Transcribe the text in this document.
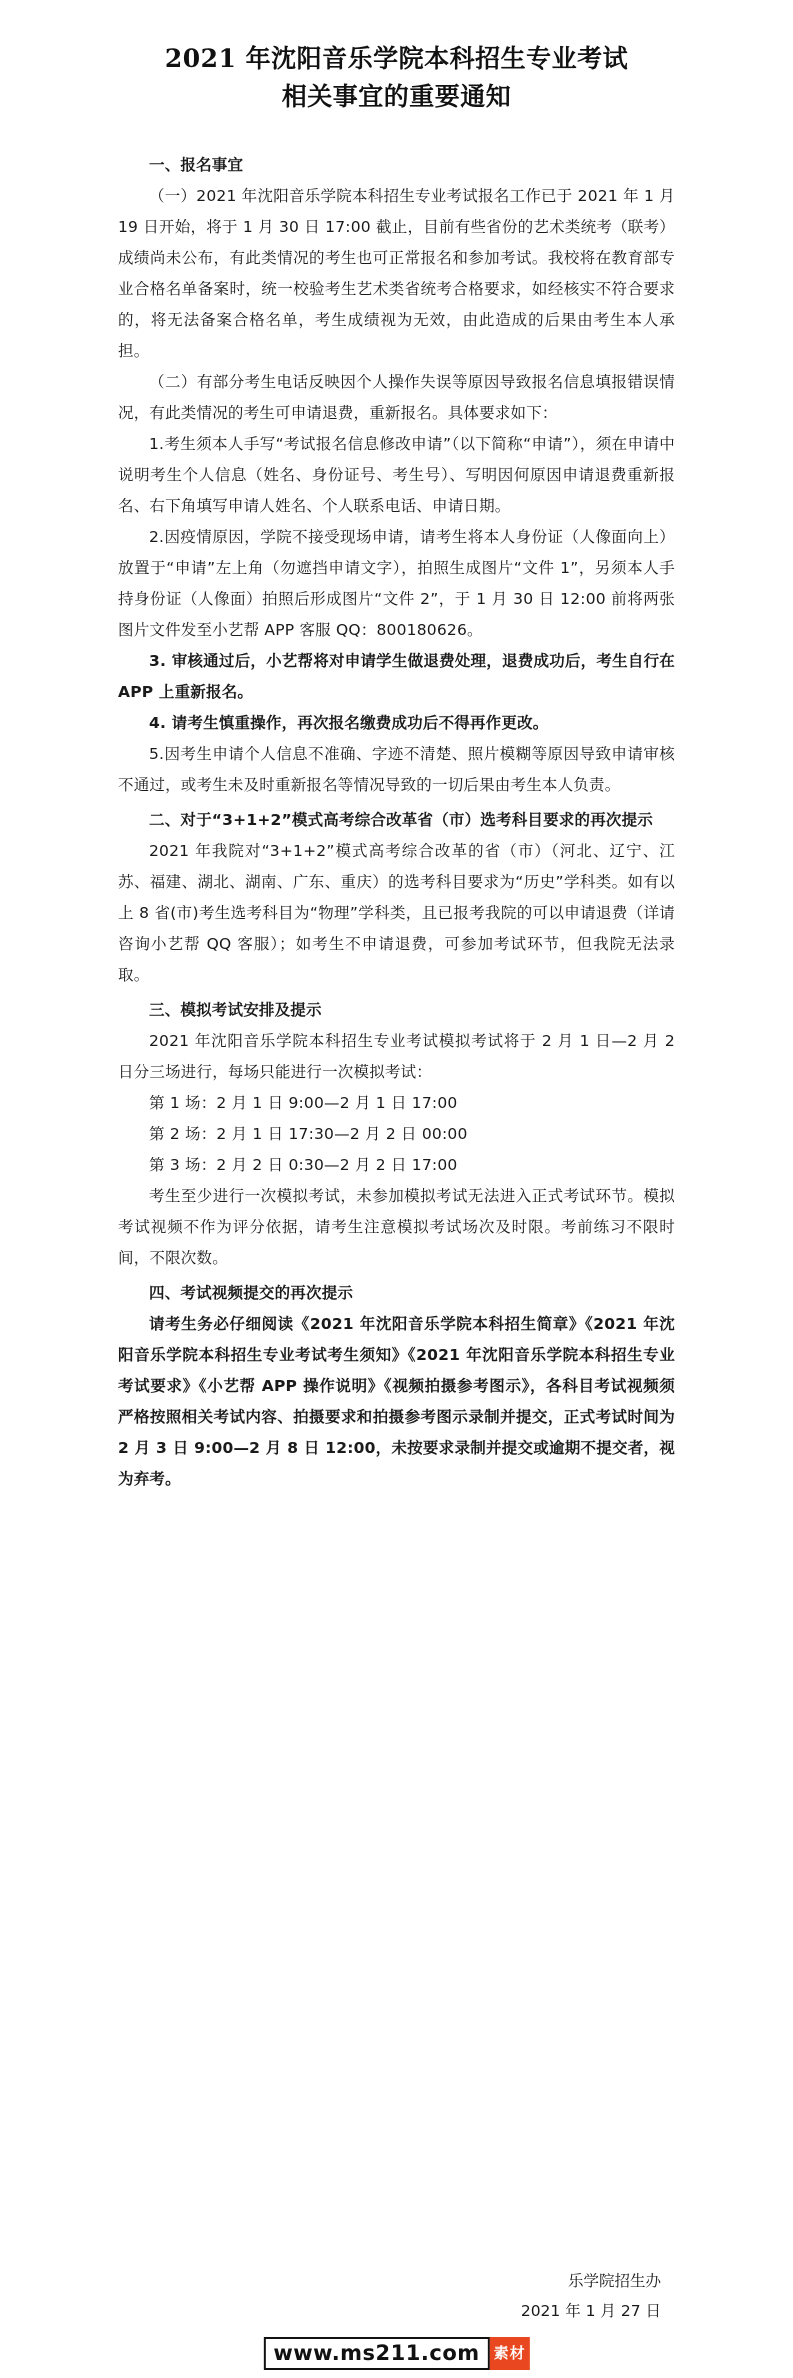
2021 年沈阳音乐学院本科招生专业考试
相关事宜的重要通知

一、报名事宜

（一）2021 年沈阳音乐学院本科招生专业考试报名工作已于 2021 年 1 月 19 日开始，将于 1 月 30 日 17:00 截止，目前有些省份的艺术类统考（联考）成绩尚未公布，有此类情况的考生也可正常报名和参加考试。我校将在教育部专业合格名单备案时，统一校验考生艺术类省统考合格要求，如经核实不符合要求的，将无法备案合格名单，考生成绩视为无效，由此造成的后果由考生本人承担。

（二）有部分考生电话反映因个人操作失误等原因导致报名信息填报错误情况，有此类情况的考生可申请退费，重新报名。具体要求如下：

1.考生须本人手写“考试报名信息修改申请”（以下简称“申请”），须在申请中说明考生个人信息（姓名、身份证号、考生号）、写明因何原因申请退费重新报名、右下角填写申请人姓名、个人联系电话、申请日期。

2.因疫情原因，学院不接受现场申请，请考生将本人身份证（人像面向上）放置于“申请”左上角（勿遮挡申请文字），拍照生成图片“文件 1”，另须本人手持身份证（人像面）拍照后形成图片“文件 2”，于 1 月 30 日 12:00 前将两张图片文件发至小艺帮 APP 客服 QQ：800180626。

3. 审核通过后，小艺帮将对申请学生做退费处理，退费成功后，考生自行在 APP 上重新报名。

4. 请考生慎重操作，再次报名缴费成功后不得再作更改。

5.因考生申请个人信息不准确、字迹不清楚、照片模糊等原因导致申请审核不通过，或考生未及时重新报名等情况导致的一切后果由考生本人负责。

二、对于“3+1+2”模式高考综合改革省（市）选考科目要求的再次提示

2021 年我院对“3+1+2”模式高考综合改革的省（市）（河北、辽宁、江苏、福建、湖北、湖南、广东、重庆）的选考科目要求为“历史”学科类。如有以上 8 省(市)考生选考科目为“物理”学科类，且已报考我院的可以申请退费（详请咨询小艺帮 QQ 客服）；如考生不申请退费，可参加考试环节，但我院无法录取。

三、模拟考试安排及提示

2021 年沈阳音乐学院本科招生专业考试模拟考试将于 2 月 1 日—2 月 2 日分三场进行，每场只能进行一次模拟考试：

第 1 场：2 月 1 日 9:00—2 月 1 日 17:00

第 2 场：2 月 1 日 17:30—2 月 2 日 00:00

第 3 场：2 月 2 日 0:30—2 月 2 日 17:00

考生至少进行一次模拟考试，未参加模拟考试无法进入正式考试环节。模拟考试视频不作为评分依据，请考生注意模拟考试场次及时限。考前练习不限时间，不限次数。

四、考试视频提交的再次提示

请考生务必仔细阅读《2021 年沈阳音乐学院本科招生简章》《2021 年沈阳音乐学院本科招生专业考试考生须知》《2021 年沈阳音乐学院本科招生专业考试要求》《小艺帮 APP 操作说明》《视频拍摄参考图示》，各科目考试视频须严格按照相关考试内容、拍摄要求和拍摄参考图示录制并提交，正式考试时间为 2 月 3 日 9:00—2 月 8 日 12:00，未按要求录制并提交或逾期不提交者，视为弃考。

乐学院招生办
2021 年 1 月 27 日
www.ms211.com 素材
